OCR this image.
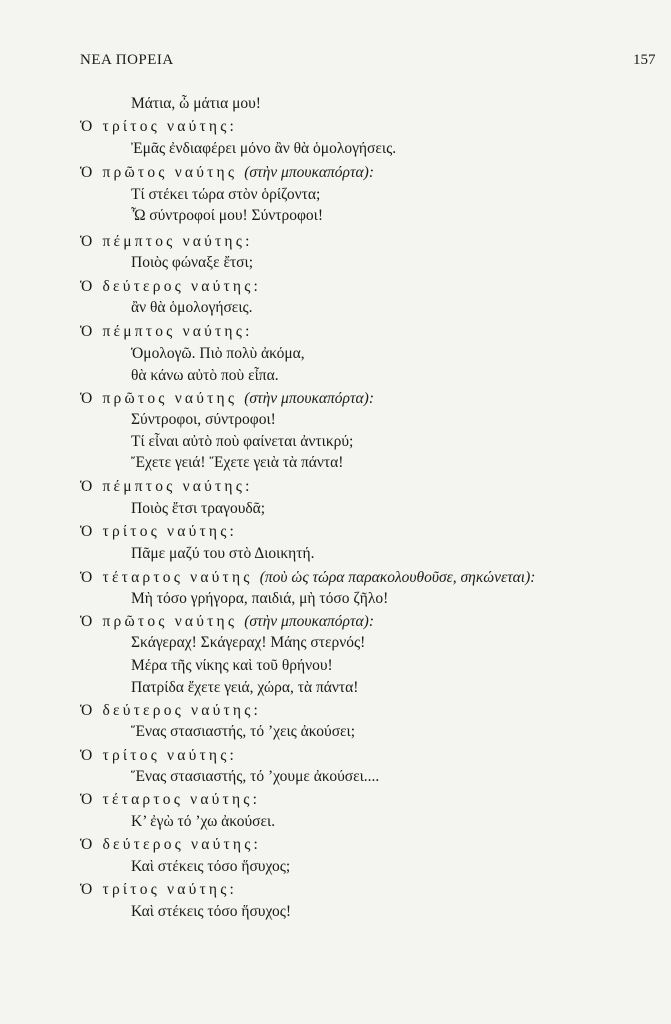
ΝΕΑ ΠΟΡΕΙΑ	157
Μάτια, ὦ μάτια μου!
Ὁ τρίτος ναύτης:
Ἐμᾶς ἐνδιαφέρει μόνο ἂν θὰ ὁμολογήσεις.
Ὁ πρῶτος ναύτης (στὴν μπουκαπόρτα):
Τί στέκει τώρα στὸν ὁρίζοντα;
Ὦ σύντροφοί μου! Σύντροφοι!
Ὁ πέμπτος ναύτης:
Ποιὸς φώναξε ἔτσι;
Ὁ δεύτερος ναύτης:
ἂν θὰ ὁμολογήσεις.
Ὁ πέμπτος ναύτης:
Ὁμολογῶ. Πιὸ πολὺ ἀκόμα,
θὰ κάνω αὐτὸ ποὺ εἶπα.
Ὁ πρῶτος ναύτης (στὴν μπουκαπόρτα):
Σύντροφοι, σύντροφοι!
Τί εἶναι αὐτὸ ποὺ φαίνεται ἀντικρύ;
Ἔχετε γειά! Ἔχετε γειὰ τὰ πάντα!
Ὁ πέμπτος ναύτης:
Ποιὸς ἔτσι τραγουδᾶ;
Ὁ τρίτος ναύτης:
Πᾶμε μαζύ του στὸ Διοικητή.
Ὁ τέταρτος ναύτης (ποὺ ὡς τώρα παρακολουθοῦσε, σηκώνεται):
Μὴ τόσο γρήγορα, παιδιά, μὴ τόσο ζῆλο!
Ὁ πρῶτος ναύτης (στὴν μπουκαπόρτα):
Σκάγεραχ! Σκάγεραχ! Μάης στερνός!
Μέρα τῆς νίκης καὶ τοῦ θρήνου!
Πατρίδα ἔχετε γειά, χώρα, τὰ πάντα!
Ὁ δεύτερος ναύτης:
Ἕνας στασιαστής, τό ’χεις ἀκούσει;
Ὁ τρίτος ναύτης:
Ἕνας στασιαστής, τό ’χουμε ἀκούσει....
Ὁ τέταρτος ναύτης:
Κ’ ἐγὼ τό ’χω ἀκούσει.
Ὁ δεύτερος ναύτης:
Καὶ στέκεις τόσο ἥσυχος;
Ὁ τρίτος ναύτης:
Καὶ στέκεις τόσο ἥσυχος!
